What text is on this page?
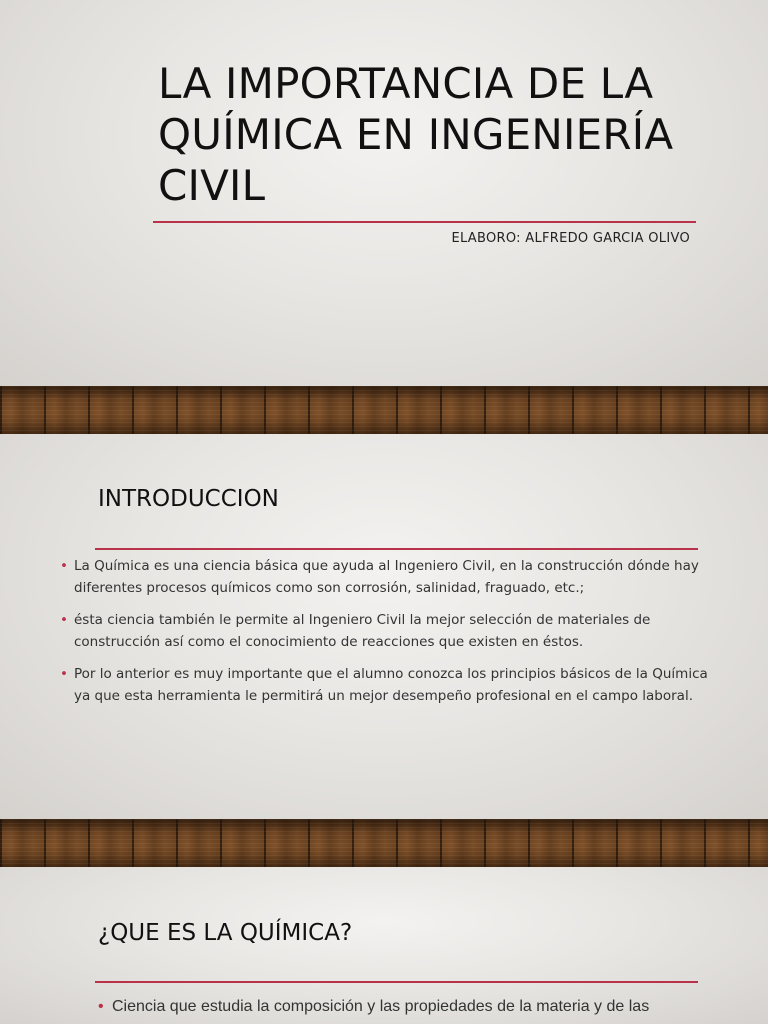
LA IMPORTANCIA DE LA QUÍMICA EN INGENIERÍA CIVIL
ELABORO: ALFREDO GARCIA OLIVO
INTRODUCCION
• La Química es una ciencia básica que ayuda al Ingeniero Civil, en la construcción dónde hay diferentes procesos químicos como son corrosión, salinidad, fraguado, etc.;
• ésta ciencia también le permite al Ingeniero Civil la mejor selección de materiales de construcción así como el conocimiento de reacciones que existen en éstos.
• Por lo anterior es muy importante que el alumno conozca los principios básicos de la Química ya que esta herramienta le permitirá un mejor desempeño profesional en el campo laboral.
¿QUE ES LA QUÍMICA?
• Ciencia que estudia la composición y las propiedades de la materia y de las
